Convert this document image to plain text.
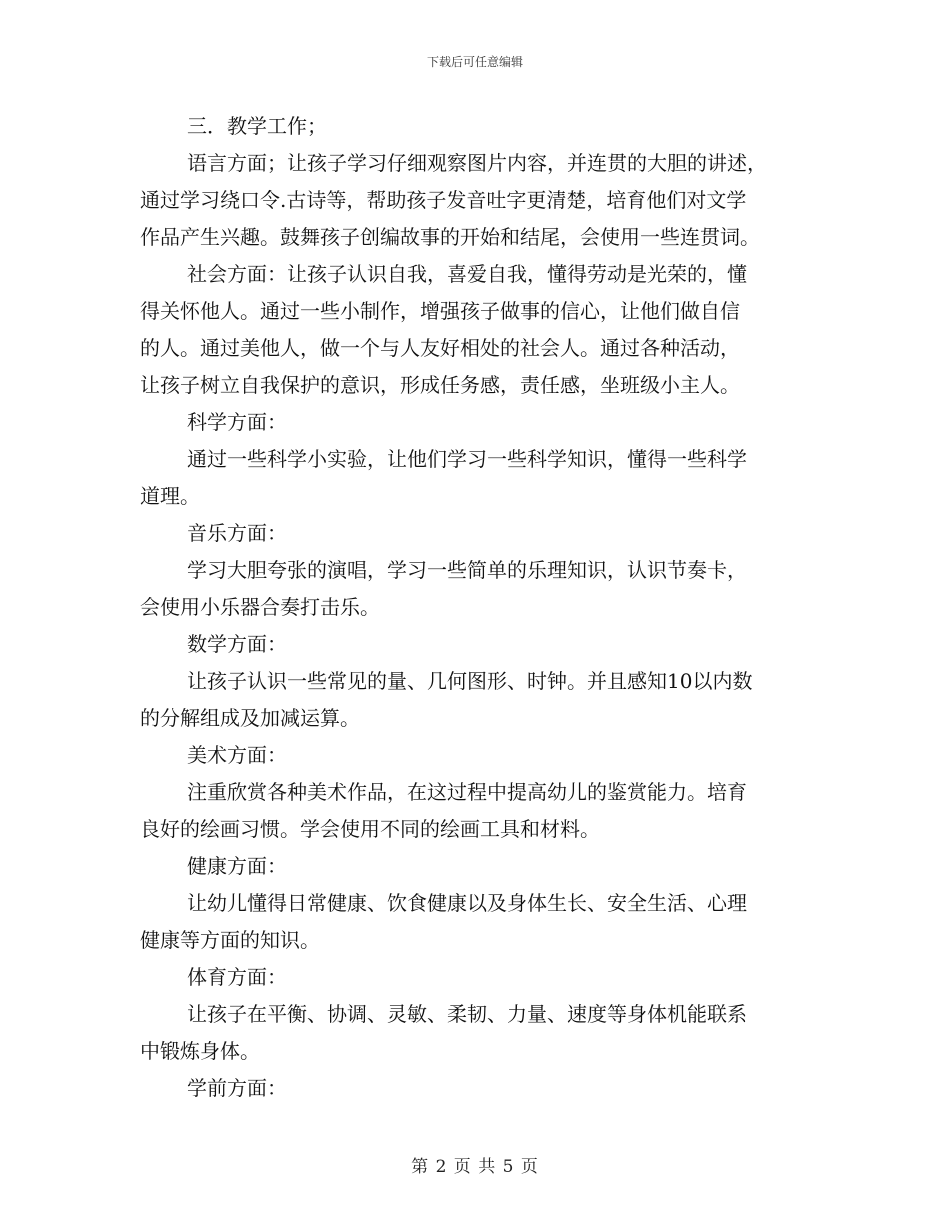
下载后可任意编辑
三．教学工作；
语言方面；让孩子学习仔细观察图片内容，并连贯的大胆的讲述，
通过学习绕口令.古诗等，帮助孩子发音吐字更清楚，培育他们对文学
作品产生兴趣。鼓舞孩子创编故事的开始和结尾，会使用一些连贯词。
社会方面：让孩子认识自我，喜爱自我，懂得劳动是光荣的，懂
得关怀他人。通过一些小制作，增强孩子做事的信心，让他们做自信
的人。通过美他人，做一个与人友好相处的社会人。通过各种活动，
让孩子树立自我保护的意识，形成任务感，责任感，坐班级小主人。
科学方面：
通过一些科学小实验，让他们学习一些科学知识，懂得一些科学
道理。
音乐方面：
学习大胆夸张的演唱，学习一些简单的乐理知识，认识节奏卡，
会使用小乐器合奏打击乐。
数学方面：
让孩子认识一些常见的量、几何图形、时钟。并且感知10以内数
的分解组成及加减运算。
美术方面：
注重欣赏各种美术作品，在这过程中提高幼儿的鉴赏能力。培育
良好的绘画习惯。学会使用不同的绘画工具和材料。
健康方面：
让幼儿懂得日常健康、饮食健康以及身体生长、安全生活、心理
健康等方面的知识。
体育方面：
让孩子在平衡、协调、灵敏、柔韧、力量、速度等身体机能联系
中锻炼身体。
学前方面：
第 2 页 共 5 页
